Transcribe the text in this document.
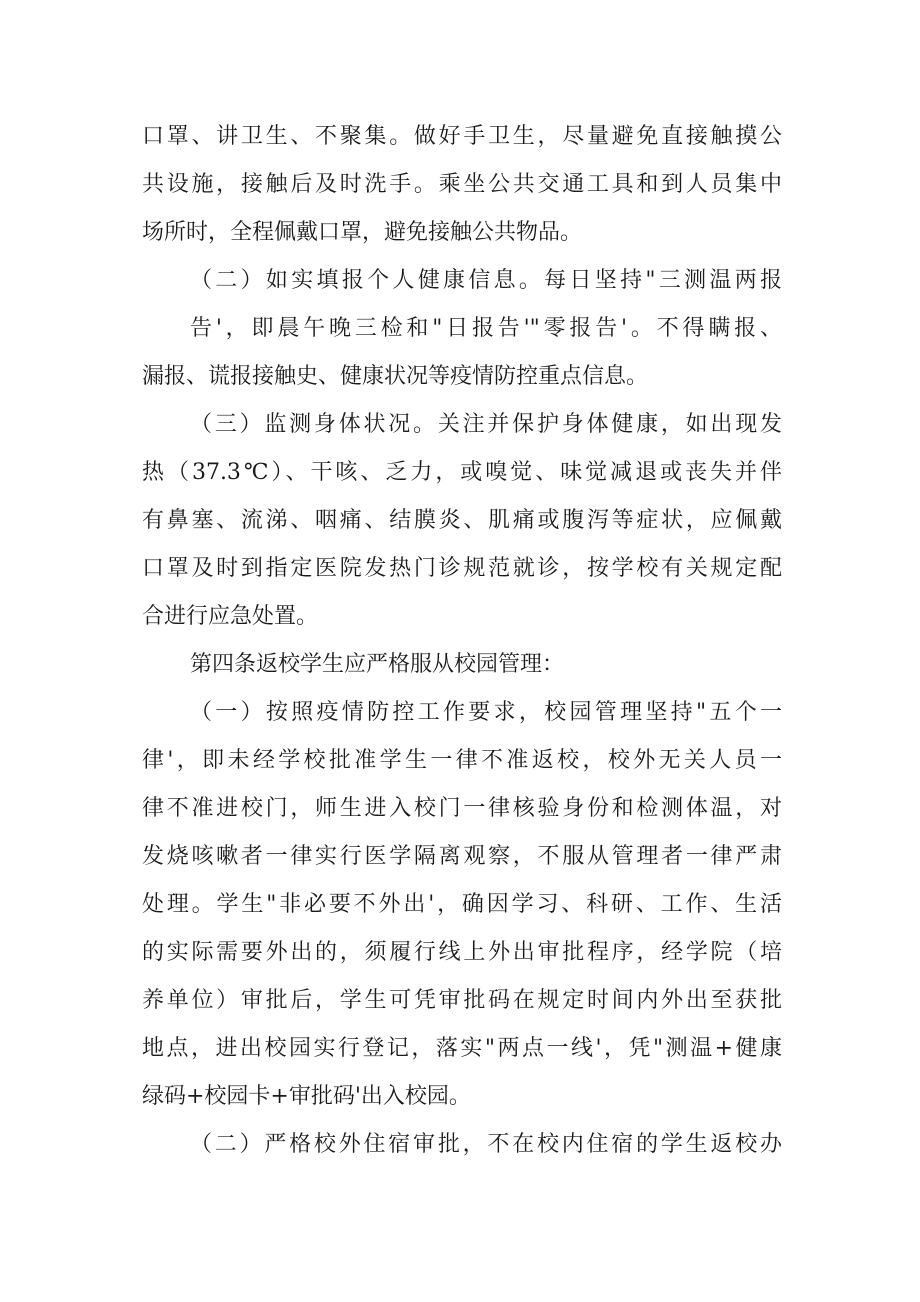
口罩、讲卫生、不聚集。做好手卫生，尽量避免直接触摸公
共设施，接触后及时洗手。乘坐公共交通工具和到人员集中
场所时，全程佩戴口罩，避免接触公共物品。
（二）如实填报个人健康信息。每日坚持"三测温两报
告'，即晨午晚三检和"日报告'"零报告'。不得瞒报、
漏报、谎报接触史、健康状况等疫情防控重点信息。
（三）监测身体状况。关注并保护身体健康，如出现发
热（37.3℃）、干咳、乏力，或嗅觉、味觉减退或丧失并伴
有鼻塞、流涕、咽痛、结膜炎、肌痛或腹泻等症状，应佩戴
口罩及时到指定医院发热门诊规范就诊，按学校有关规定配
合进行应急处置。
第四条返校学生应严格服从校园管理：
（一）按照疫情防控工作要求，校园管理坚持"五个一
律'，即未经学校批准学生一律不准返校，校外无关人员一
律不准进校门，师生进入校门一律核验身份和检测体温，对
发烧咳嗽者一律实行医学隔离观察，不服从管理者一律严肃
处理。学生"非必要不外出'，确因学习、科研、工作、生活
的实际需要外出的，须履行线上外出审批程序，经学院（培
养单位）审批后，学生可凭审批码在规定时间内外出至获批
地点，进出校园实行登记，落实"两点一线'，凭"测温+健康
绿码+校园卡+审批码'出入校园。
（二）严格校外住宿审批，不在校内住宿的学生返校办
